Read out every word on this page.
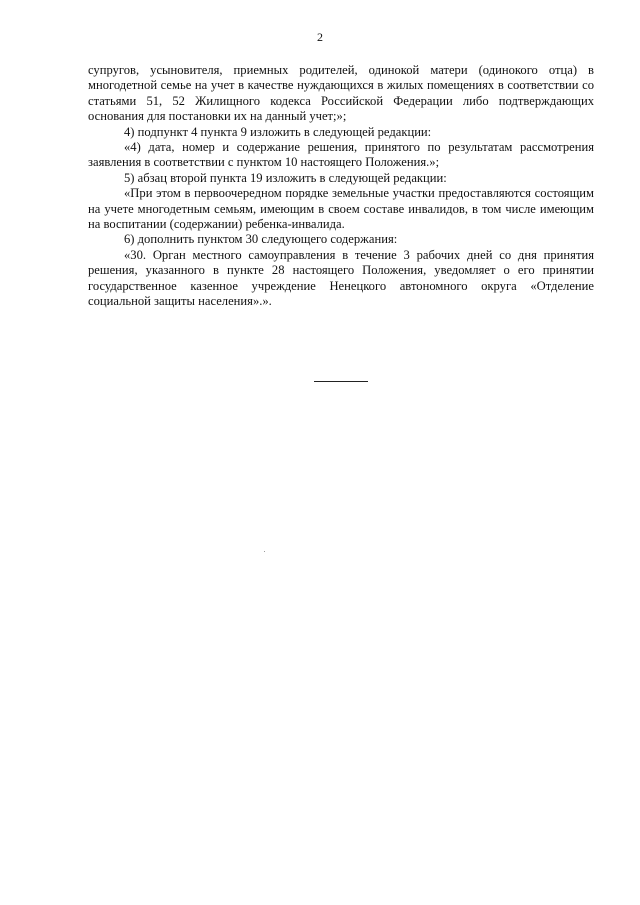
2

супругов, усыновителя, приемных родителей, одинокой матери (одинокого отца) в многодетной семье на учет в качестве нуждающихся в жилых помещениях в соответствии со статьями 51, 52 Жилищного кодекса Российской Федерации либо подтверждающих основания для постановки их на данный учет;»;

4) подпункт 4 пункта 9 изложить в следующей редакции:

«4) дата, номер и содержание решения, принятого по результатам рассмотрения заявления в соответствии с пунктом 10 настоящего Положения.»;

5) абзац второй пункта 19 изложить в следующей редакции:

«При этом в первоочередном порядке земельные участки предоставляются состоящим на учете многодетным семьям, имеющим в своем составе инвалидов, в том числе имеющим на воспитании (содержании) ребенка-инвалида.

6) дополнить пунктом 30 следующего содержания:

«30. Орган местного самоуправления в течение 3 рабочих дней со дня принятия решения, указанного в пункте 28 настоящего Положения, уведомляет о его принятии государственное казенное учреждение Ненецкого автономного округа «Отделение социальной защиты населения».».
